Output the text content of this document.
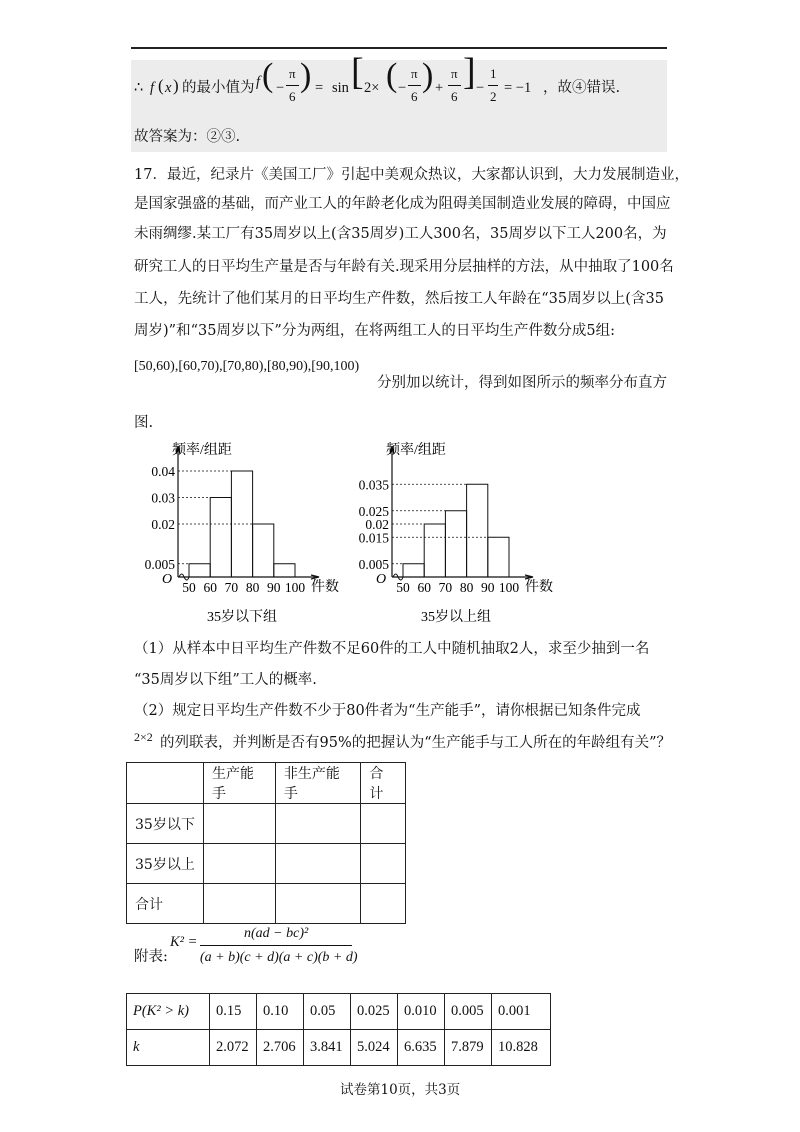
∴ f ( x ) 的最小值为 f ( −
π
6
) = sin [ 2× ( −
π
6
) +
π
6
] −
1
2
= −1 ，故④错误.
故答案为：②③.
17．最近，纪录片《美国工厂》引起中美观众热议，大家都认识到，大力发展制造业，
是国家强盛的基础，而产业工人的年龄老化成为阻碍美国制造业发展的障碍，中国应
未雨绸缪.某工厂有35周岁以上(含35周岁)工人300名，35周岁以下工人200名，为
研究工人的日平均生产量是否与年龄有关.现采用分层抽样的方法，从中抽取了100名
工人，先统计了他们某月的日平均生产件数，然后按工人年龄在“35周岁以上(含35
周岁)”和“35周岁以下”分为两组，在将两组工人的日平均生产件数分成5组:
[50,60),[60,70),[70,80),[80,90),[90,100)
分别加以统计，得到如图所示的频率分布直方
图.
O
频率/组距
件数
0.04
0.03
0.02
0.005
50 60 70 80 90 100
35岁以下组
O
频率/组距
件数
0.035
0.025
0.02
0.015
0.005
50 60 70 80 90 100
35岁以上组
（1）从样本中日平均生产件数不足60件的工人中随机抽取2人，求至少抽到一名
“35周岁以下组”工人的概率.
（2）规定日平均生产件数不少于80件者为“生产能手”，请你根据已知条件完成
2×2 的列联表，并判断是否有95%的把握认为“生产能手与工人所在的年龄组有关”？
	生产能手	非生产能手	合计
35岁以下			
35岁以上			
合计			
附表:
K² =
n(ad − bc)²
(a + b)(c + d)(a + c)(b + d)
P(K² > k)	0.15	0.10	0.05	0.025	0.010	0.005	0.001
k	2.072	2.706	3.841	5.024	6.635	7.879	10.828
试卷第10页，共3页
